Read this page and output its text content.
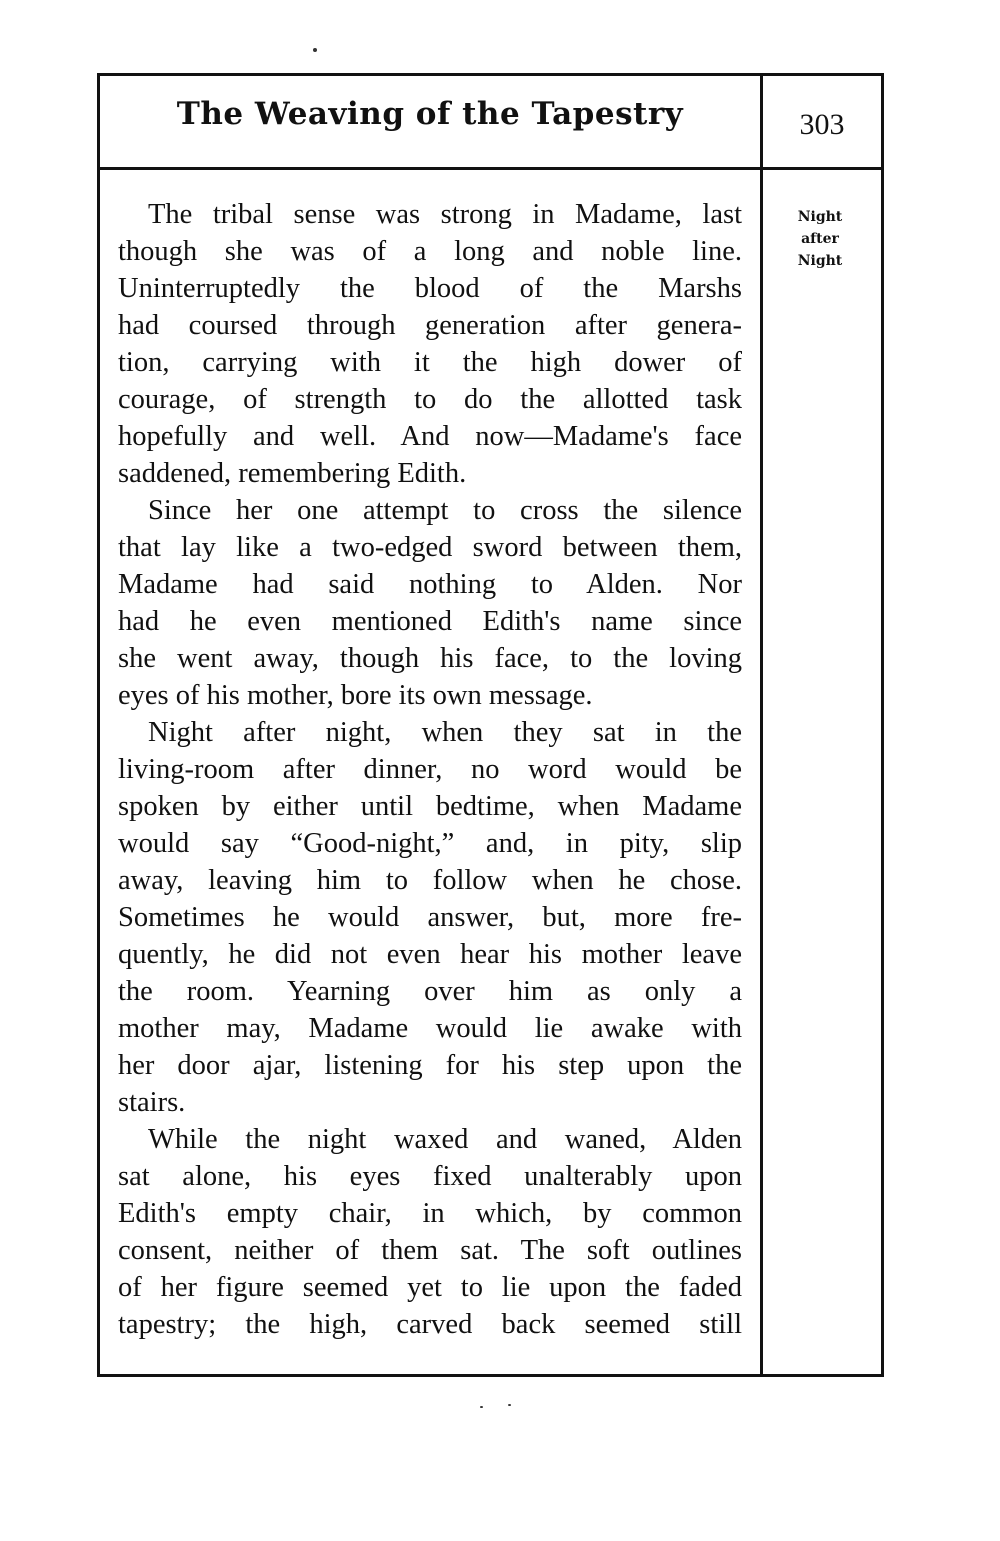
The Weaving of the Tapestry	303
Night
after
Night
The tribal sense was strong in Madame, last
though she was of a long and noble line.
Uninterruptedly the blood of the Marshs
had coursed through generation after genera-
tion, carrying with it the high dower of
courage, of strength to do the allotted task
hopefully and well. And now—Madame's face
saddened, remembering Edith.
Since her one attempt to cross the silence
that lay like a two-edged sword between them,
Madame had said nothing to Alden. Nor
had he even mentioned Edith's name since
she went away, though his face, to the loving
eyes of his mother, bore its own message.
Night after night, when they sat in the
living-room after dinner, no word would be
spoken by either until bedtime, when Madame
would say “Good-night,” and, in pity, slip
away, leaving him to follow when he chose.
Sometimes he would answer, but, more fre-
quently, he did not even hear his mother leave
the room. Yearning over him as only a
mother may, Madame would lie awake with
her door ajar, listening for his step upon the
stairs.
While the night waxed and waned, Alden
sat alone, his eyes fixed unalterably upon
Edith's empty chair, in which, by common
consent, neither of them sat. The soft outlines
of her figure seemed yet to lie upon the faded
tapestry; the high, carved back seemed still
